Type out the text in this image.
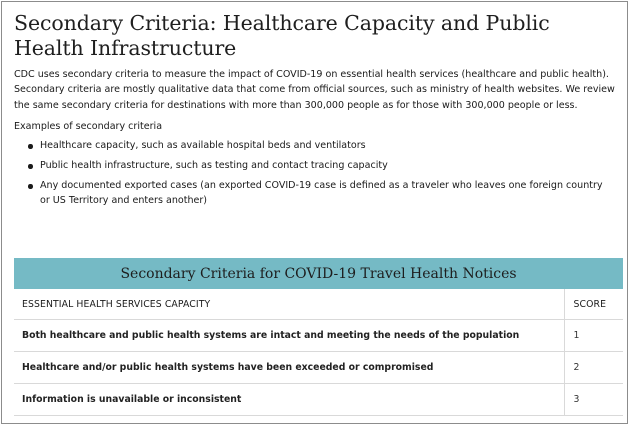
Secondary Criteria: Healthcare Capacity and Public Health Infrastructure

CDC uses secondary criteria to measure the impact of COVID-19 on essential health services (healthcare and public health). Secondary criteria are mostly qualitative data that come from official sources, such as ministry of health websites. We review the same secondary criteria for destinations with more than 300,000 people as for those with 300,000 people or less.

Examples of secondary criteria

Healthcare capacity, such as available hospital beds and ventilators
Public health infrastructure, such as testing and contact tracing capacity
Any documented exported cases (an exported COVID-19 case is defined as a traveler who leaves one foreign country or US Territory and enters another)
Secondary Criteria for COVID-19 Travel Health Notices
ESSENTIAL HEALTH SERVICES CAPACITY	SCORE
Both healthcare and public health systems are intact and meeting the needs of the population	1
Healthcare and/or public health systems have been exceeded or compromised	2
Information is unavailable or inconsistent	3
